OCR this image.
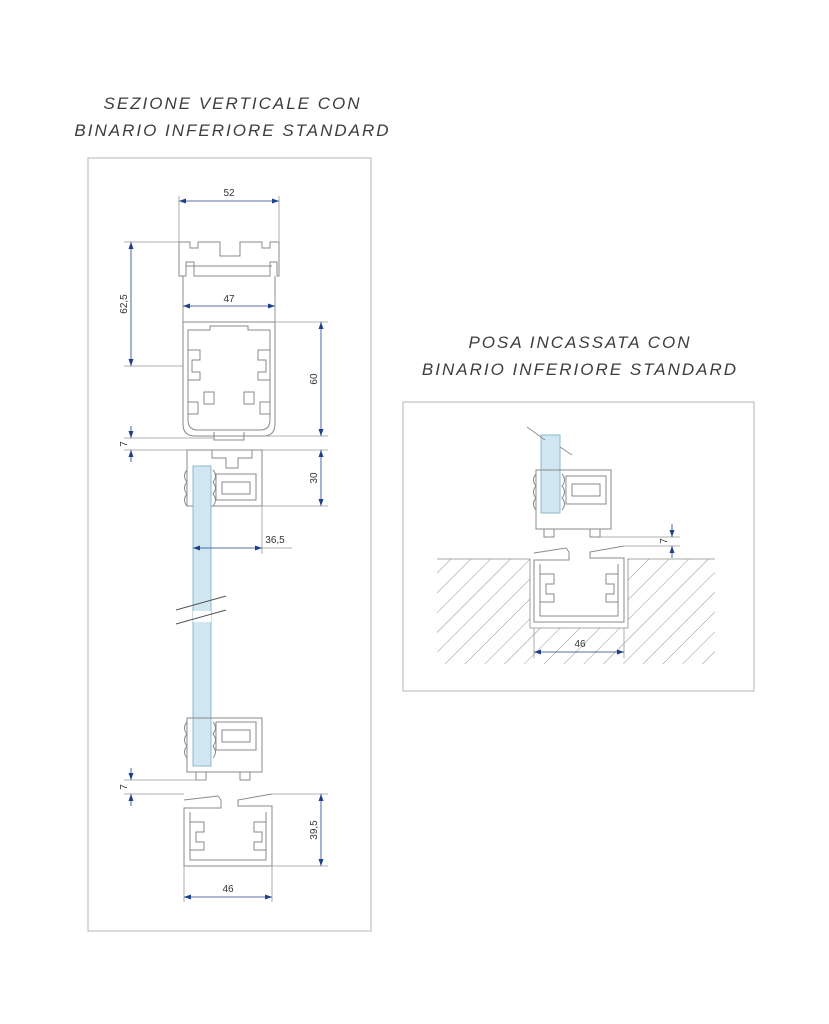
SEZIONE VERTICALE CON
BINARIO INFERIORE STANDARD
POSA INCASSATA CON
BINARIO INFERIORE STANDARD
52
62,5	47
60
7
30
36,5
7
39,5
46
7
46
